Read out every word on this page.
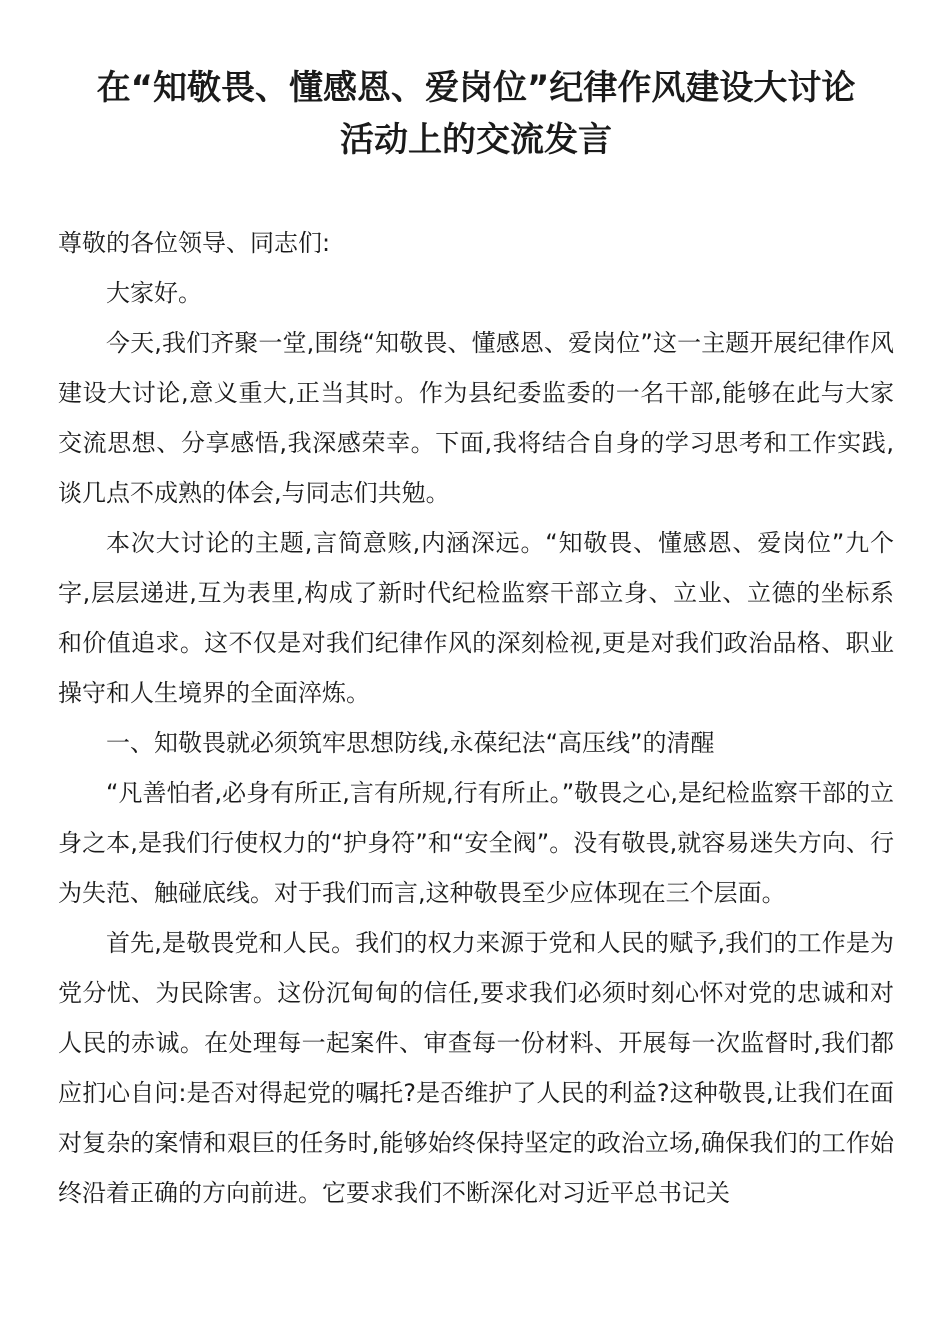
在“知敬畏、懂感恩、爱岗位”纪律作风建设大讨论
活动上的交流发言

尊敬的各位领导、同志们:

大家好。

今天,我们齐聚一堂,围绕“知敬畏、懂感恩、爱岗位”这一主题开展纪律作风建设大讨论,意义重大,正当其时。作为县纪委监委的一名干部,能够在此与大家交流思想、分享感悟,我深感荣幸。下面,我将结合自身的学习思考和工作实践,谈几点不成熟的体会,与同志们共勉。

本次大讨论的主题,言简意赅,内涵深远。“知敬畏、懂感恩、爱岗位”九个字,层层递进,互为表里,构成了新时代纪检监察干部立身、立业、立德的坐标系和价值追求。这不仅是对我们纪律作风的深刻检视,更是对我们政治品格、职业操守和人生境界的全面淬炼。

一、知敬畏就必须筑牢思想防线,永葆纪法“高压线”的清醒

“凡善怕者,必身有所正,言有所规,行有所止。”敬畏之心,是纪检监察干部的立身之本,是我们行使权力的“护身符”和“安全阀”。没有敬畏,就容易迷失方向、行为失范、触碰底线。对于我们而言,这种敬畏至少应体现在三个层面。

首先,是敬畏党和人民。我们的权力来源于党和人民的赋予,我们的工作是为党分忧、为民除害。这份沉甸甸的信任,要求我们必须时刻心怀对党的忠诚和对人民的赤诚。在处理每一起案件、审查每一份材料、开展每一次监督时,我们都应扪心自问:是否对得起党的嘱托?是否维护了人民的利益?这种敬畏,让我们在面对复杂的案情和艰巨的任务时,能够始终保持坚定的政治立场,确保我们的工作始终沿着正确的方向前进。它要求我们不断深化对习近平总书记关
